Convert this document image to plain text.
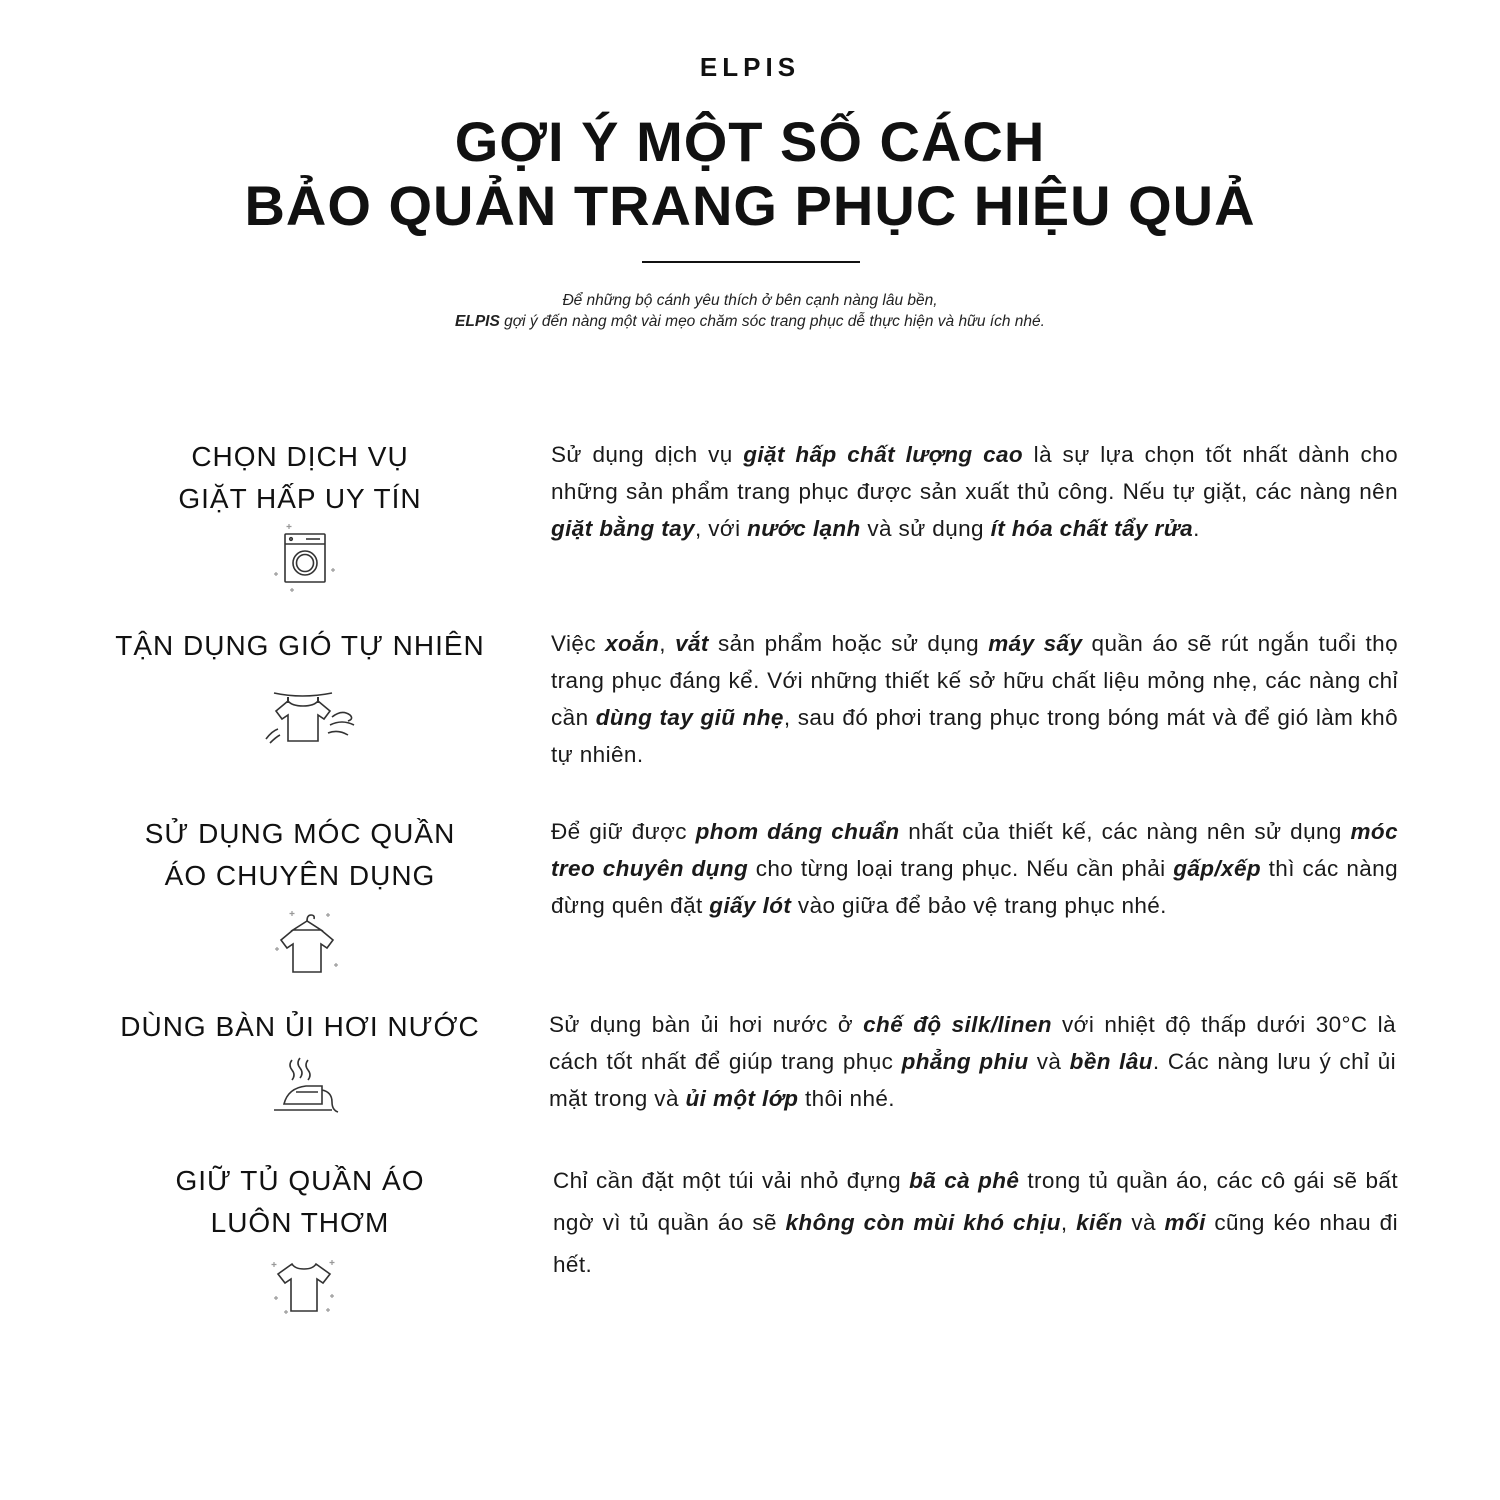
ELPIS
GỢI Ý MỘT SỐ CÁCH
BẢO QUẢN TRANG PHỤC HIỆU QUẢ
Để những bộ cánh yêu thích ở bên cạnh nàng lâu bền,
ELPIS gợi ý đến nàng một vài mẹo chăm sóc trang phục dễ thực hiện và hữu ích nhé.
CHỌN DỊCH VỤ
GIẶT HẤP UY TÍN
Sử dụng dịch vụ giặt hấp chất lượng cao là sự lựa chọn tốt nhất dành cho những sản phẩm trang phục được sản xuất thủ công. Nếu tự giặt, các nàng nên giặt bằng tay, với nước lạnh và sử dụng ít hóa chất tẩy rửa.
TẬN DỤNG GIÓ TỰ NHIÊN	Việc xoắn, vắt sản phẩm hoặc sử dụng máy sấy quần áo sẽ rút ngắn tuổi thọ trang phục đáng kể. Với những thiết kế sở hữu chất liệu mỏng nhẹ, các nàng chỉ cần dùng tay giũ nhẹ, sau đó phơi trang phục trong bóng mát và để gió làm khô tự nhiên.
SỬ DỤNG MÓC QUẦN
ÁO CHUYÊN DỤNG
Để giữ được phom dáng chuẩn nhất của thiết kế, các nàng nên sử dụng móc treo chuyên dụng cho từng loại trang phục. Nếu cần phải gấp/xếp thì các nàng đừng quên đặt giấy lót vào giữa để bảo vệ trang phục nhé.
DÙNG BÀN ỦI HƠI NƯỚC	Sử dụng bàn ủi hơi nước ở chế độ silk/linen với nhiệt độ thấp dưới 30°C là cách tốt nhất để giúp trang phục phẳng phiu và bền lâu. Các nàng lưu ý chỉ ủi mặt trong và ủi một lớp thôi nhé.
GIỮ TỦ QUẦN ÁO
LUÔN THƠM
Chỉ cần đặt một túi vải nhỏ đựng bã cà phê trong tủ quần áo, các cô gái sẽ bất ngờ vì tủ quần áo sẽ không còn mùi khó chịu, kiến và mối cũng kéo nhau đi hết.
